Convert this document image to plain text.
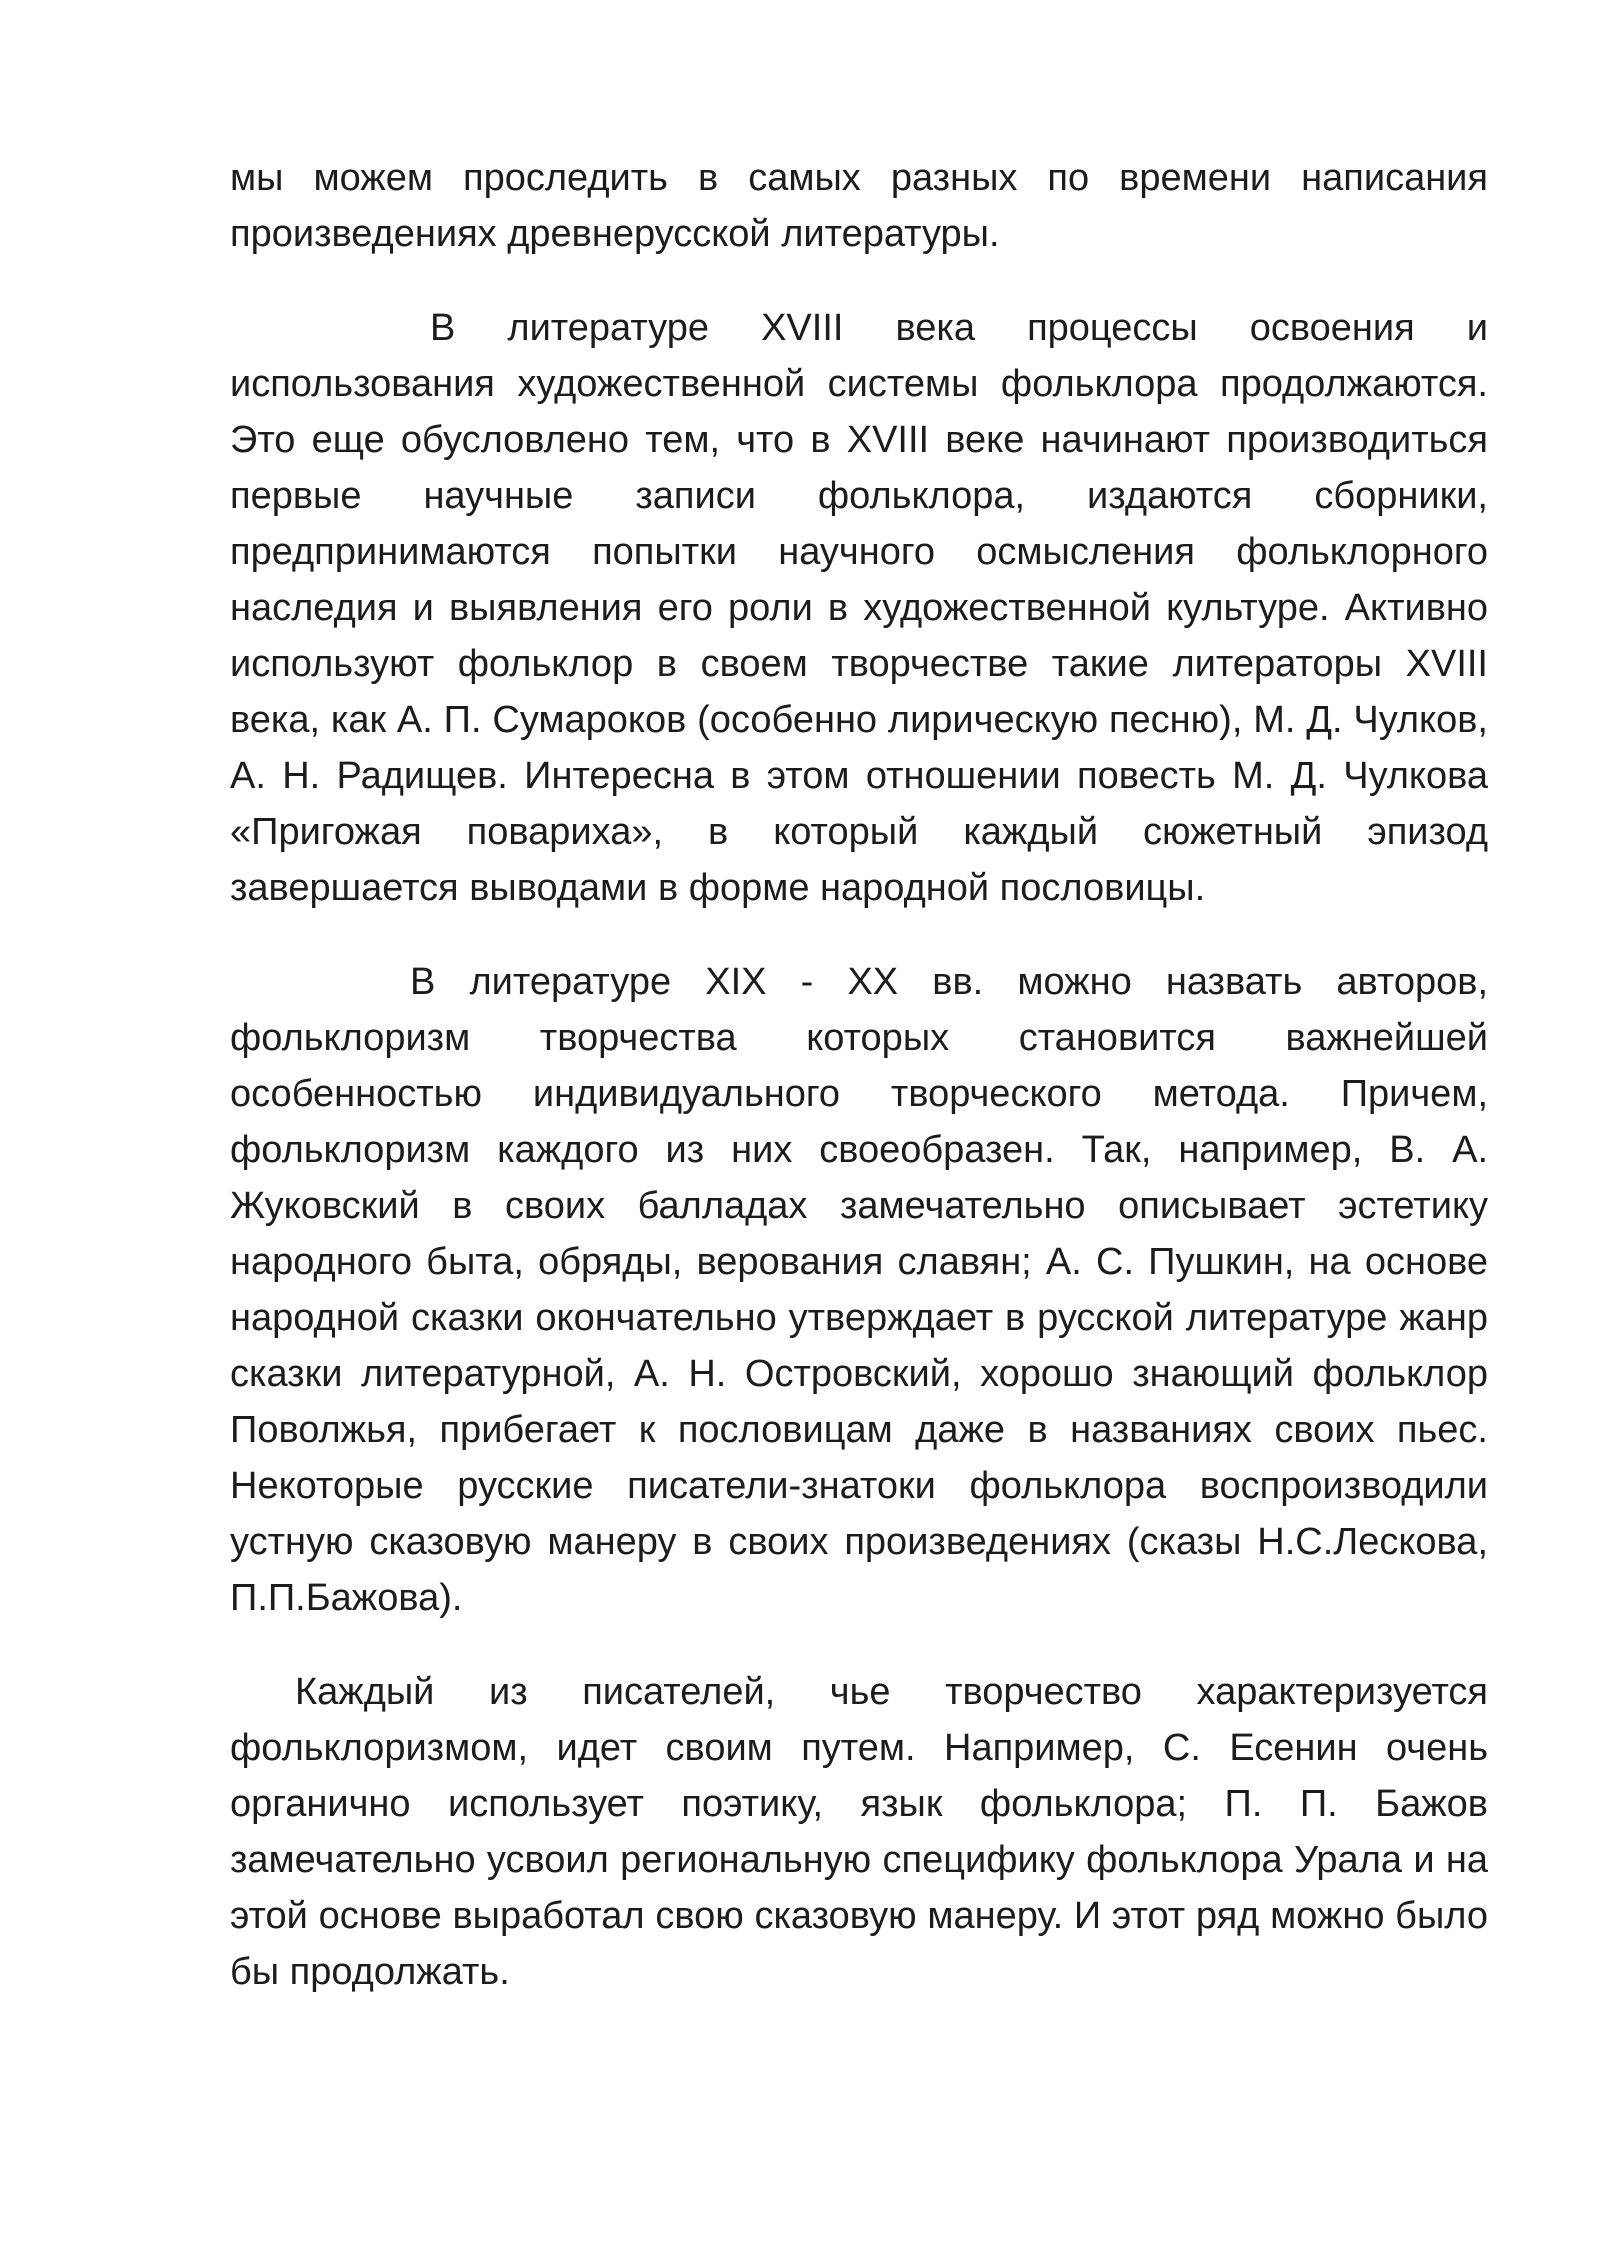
мы можем проследить в самых разных по времени написания произведениях древнерусской литературы.

В литературе XVIII века процессы освоения и использования художественной системы фольклора продолжаются. Это еще обусловлено тем, что в XVIII веке начинают производиться первые научные записи фольклора, издаются сборники, предпринимаются попытки научного осмысления фольклорного наследия и выявления его роли в художественной культуре. Активно используют фольклор в своем творчестве такие литераторы XVIII века, как А. П. Сумароков (особенно лирическую песню), М. Д. Чулков, А. Н. Радищев. Интересна в этом отношении повесть М. Д. Чулкова «Пригожая повариха», в который каждый сюжетный эпизод завершается выводами в форме народной пословицы.

В литературе XIX - XX вв. можно назвать авторов, фольклоризм творчества которых становится важнейшей особенностью индивидуального творческого метода. Причем, фольклоризм каждого из них своеобразен. Так, например, В. А. Жуковский в своих балладах замечательно описывает эстетику народного быта, обряды, верования славян; А. С. Пушкин, на основе народной сказки окончательно утверждает в русской литературе жанр сказки литературной, А. Н. Островский, хорошо знающий фольклор Поволжья, прибегает к пословицам даже в названиях своих пьес. Некоторые русские писатели-знатоки фольклора воспроизводили устную сказовую манеру в своих произведениях (сказы Н.С.Лескова, П.П.Бажова).

Каждый из писателей, чье творчество характеризуется фольклоризмом, идет своим путем. Например, С. Есенин очень органично использует поэтику, язык фольклора; П. П. Бажов замечательно усвоил региональную специфику фольклора Урала и на этой основе выработал свою сказовую манеру. И этот ряд можно было бы продолжать.
